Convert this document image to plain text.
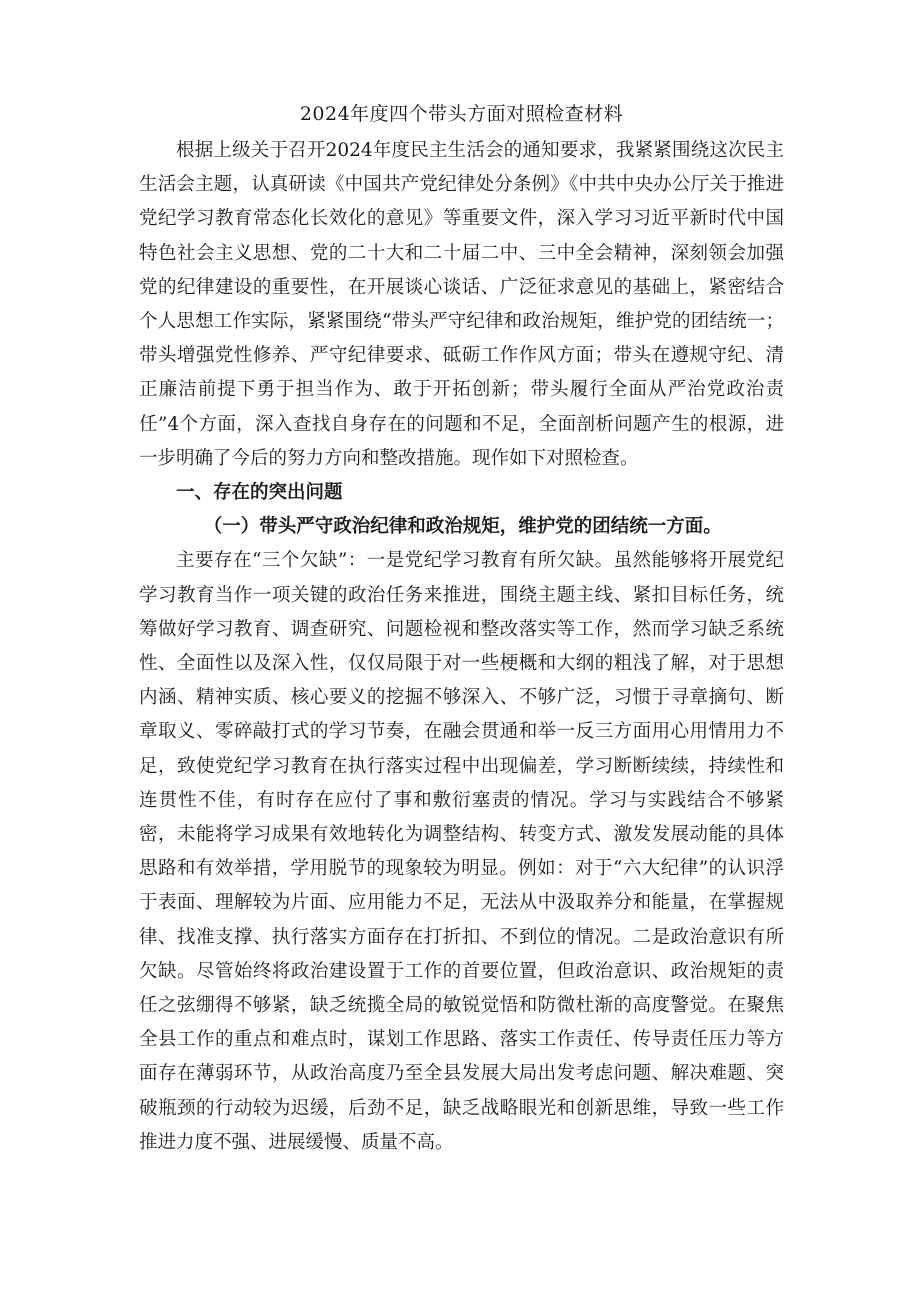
2024年度四个带头方面对照检查材料

根据上级关于召开2024年度民主生活会的通知要求，我紧紧围绕这次民主生活会主题，认真研读《中国共产党纪律处分条例》《中共中央办公厅关于推进党纪学习教育常态化长效化的意见》等重要文件，深入学习习近平新时代中国特色社会主义思想、党的二十大和二十届二中、三中全会精神，深刻领会加强党的纪律建设的重要性，在开展谈心谈话、广泛征求意见的基础上，紧密结合个人思想工作实际，紧紧围绕“带头严守纪律和政治规矩，维护党的团结统一；带头增强党性修养、严守纪律要求、砥砺工作作风方面；带头在遵规守纪、清正廉洁前提下勇于担当作为、敢于开拓创新；带头履行全面从严治党政治责任”4个方面，深入查找自身存在的问题和不足，全面剖析问题产生的根源，进一步明确了今后的努力方向和整改措施。现作如下对照检查。

一、存在的突出问题

（一）带头严守政治纪律和政治规矩，维护党的团结统一方面。

主要存在“三个欠缺”：一是党纪学习教育有所欠缺。虽然能够将开展党纪学习教育当作一项关键的政治任务来推进，围绕主题主线、紧扣目标任务，统筹做好学习教育、调查研究、问题检视和整改落实等工作，然而学习缺乏系统性、全面性以及深入性，仅仅局限于对一些梗概和大纲的粗浅了解，对于思想内涵、精神实质、核心要义的挖掘不够深入、不够广泛，习惯于寻章摘句、断章取义、零碎敲打式的学习节奏，在融会贯通和举一反三方面用心用情用力不足，致使党纪学习教育在执行落实过程中出现偏差，学习断断续续，持续性和连贯性不佳，有时存在应付了事和敷衍塞责的情况。学习与实践结合不够紧密，未能将学习成果有效地转化为调整结构、转变方式、激发发展动能的具体思路和有效举措，学用脱节的现象较为明显。例如：对于“六大纪律”的认识浮于表面、理解较为片面、应用能力不足，无法从中汲取养分和能量，在掌握规律、找准支撑、执行落实方面存在打折扣、不到位的情况。二是政治意识有所欠缺。尽管始终将政治建设置于工作的首要位置，但政治意识、政治规矩的责任之弦绷得不够紧，缺乏统揽全局的敏锐觉悟和防微杜渐的高度警觉。在聚焦全县工作的重点和难点时，谋划工作思路、落实工作责任、传导责任压力等方面存在薄弱环节，从政治高度乃至全县发展大局出发考虑问题、解决难题、突破瓶颈的行动较为迟缓，后劲不足，缺乏战略眼光和创新思维，导致一些工作推进力度不强、进展缓慢、质量不高。
